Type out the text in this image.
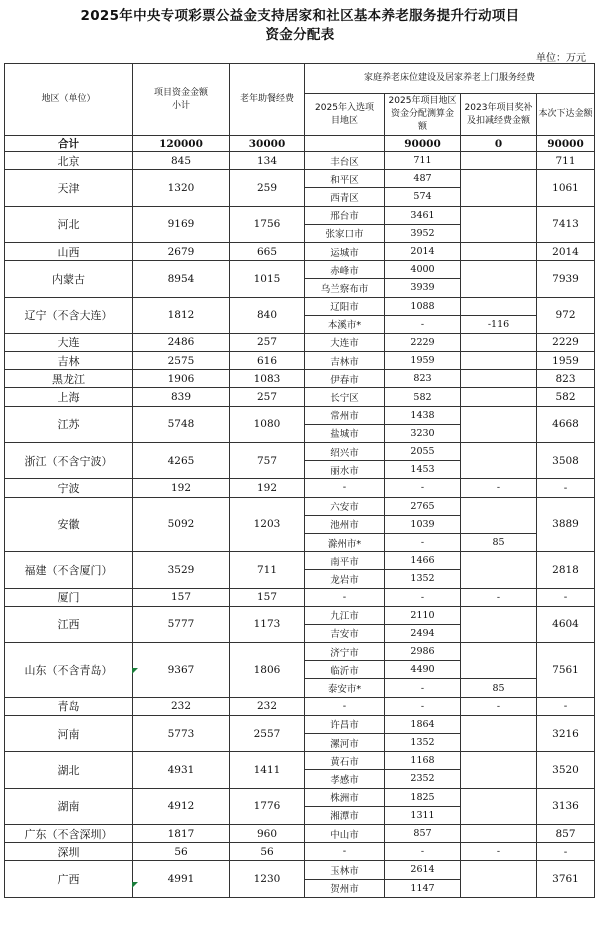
2025年中央专项彩票公益金支持居家和社区基本养老服务提升行动项目
资金分配表
单位：万元
地区（单位）	项目资金金额小计	老年助餐经费	家庭养老床位建设及居家养老上门服务经费			

			2025年入选项目地区	2025年项目地区资金分配测算金额	2023年项目奖补及扣减经费金额	本次下达金额
合计	120000	30000		90000	0	90000
北京	845	134	丰台区	711		711
天津	1320	259	和平区	487		1061
			西青区	574		
河北	9169	1756	邢台市	3461		7413
			张家口市	3952		
山西	2679	665	运城市	2014		2014
内蒙古	8954	1015	赤峰市	4000		7939
			乌兰察布市	3939		
辽宁（不含大连）	1812	840	辽阳市	1088		972
			本溪市*	-	-116	
大连	2486	257	大连市	2229		2229
吉林	2575	616	吉林市	1959		1959
黑龙江	1906	1083	伊春市	823		823
上海	839	257	长宁区	582		582
江苏	5748	1080	常州市	1438		4668
			盐城市	3230		
浙江（不含宁波）	4265	757	绍兴市	2055		3508
			丽水市	1453		
宁波	192	192	-	-	-	-
安徽	5092	1203	六安市	2765		3889
			池州市	1039		
			滁州市*	-	85	
福建（不含厦门）	3529	711	南平市	1466		2818
			龙岩市	1352		
厦门	157	157	-	-	-	-
江西	5777	1173	九江市	2110		4604
			吉安市	2494		
山东（不含青岛）	9367	1806	济宁市	2986		7561
			临沂市	4490		
			泰安市*	-	85	
青岛	232	232	-	-	-	-
河南	5773	2557	许昌市	1864		3216
			漯河市	1352		
湖北	4931	1411	黄石市	1168		3520
			孝感市	2352		
湖南	4912	1776	株洲市	1825		3136
			湘潭市	1311		
广东（不含深圳）	1817	960	中山市	857		857
深圳	56	56	-	-	-	-
广西	4991	1230	玉林市	2614		3761
			贺州市	1147		
